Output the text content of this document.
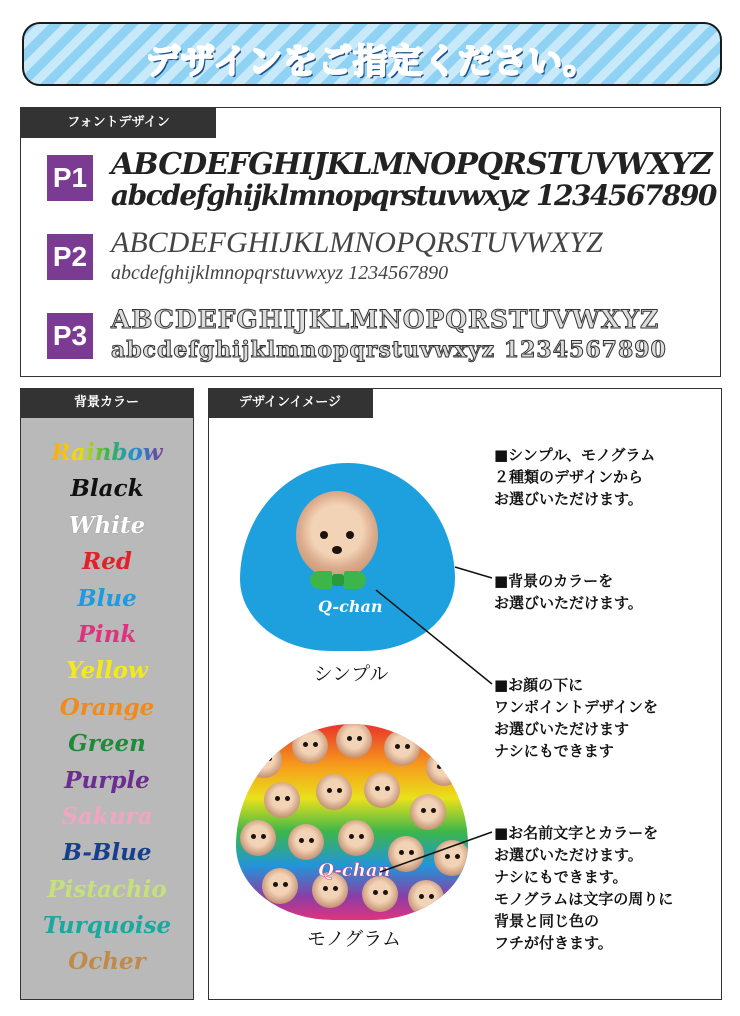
デザインをご指定ください。
フォントデザイン
P1 ABCDEFGHIJKLMNOPQRSTUVWXYZ
abcdefghijklmnopqrstuvwxyz 1234567890
P2 ABCDEFGHIJKLMNOPQRSTUVWXYZ
abcdefghijklmnopqrstuvwxyz 1234567890
P3
ABCDEFGHIJKLMNOPQRSTUVWXYZ
abcdefghijklmnopqrstuvwxyz 1234567890
背景カラー
Rainbow
Black
White
Red
Blue
Pink
Yellow
Orange
Green
Purple
Sakura
B-Blue
Pistachio
Turquoise
Ocher
デザインイメージ
Q-chan
シンプル
Q-chan
モノグラム
■シンプル、モノグラム
２種類のデザインから
お選びいただけます。
■背景のカラーを
お選びいただけます。
■お顔の下に
ワンポイントデザインを
お選びいただけます
ナシにもできます
■お名前文字とカラーを
お選びいただけます。
ナシにもできます。
モノグラムは文字の周りに
背景と同じ色の
フチが付きます。
